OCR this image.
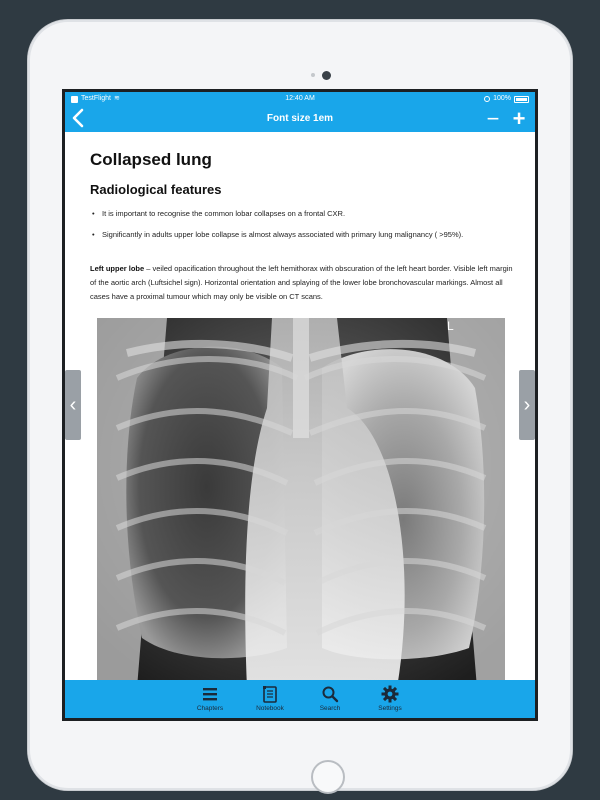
TestFlight ≋	12:40 AM	100%
Font size 1em	− +
Collapsed lung
Radiological features
• It is important to recognise the common lobar collapses on a frontal CXR.
• Significantly in adults upper lobe collapse is almost always associated with primary lung malignancy ( >95%).

Left upper lobe – veiled opacification throughout the left hemithorax with obscuration of the left heart border. Visible left margin of the aortic arch (Luftsichel sign). Horizontal orientation and splaying of the lower lobe bronchovascular markings. Almost all cases have a proximal tumour which may only be visible on CT scans.

L
‹	›
Chapters	Notebook	Search	Settings
